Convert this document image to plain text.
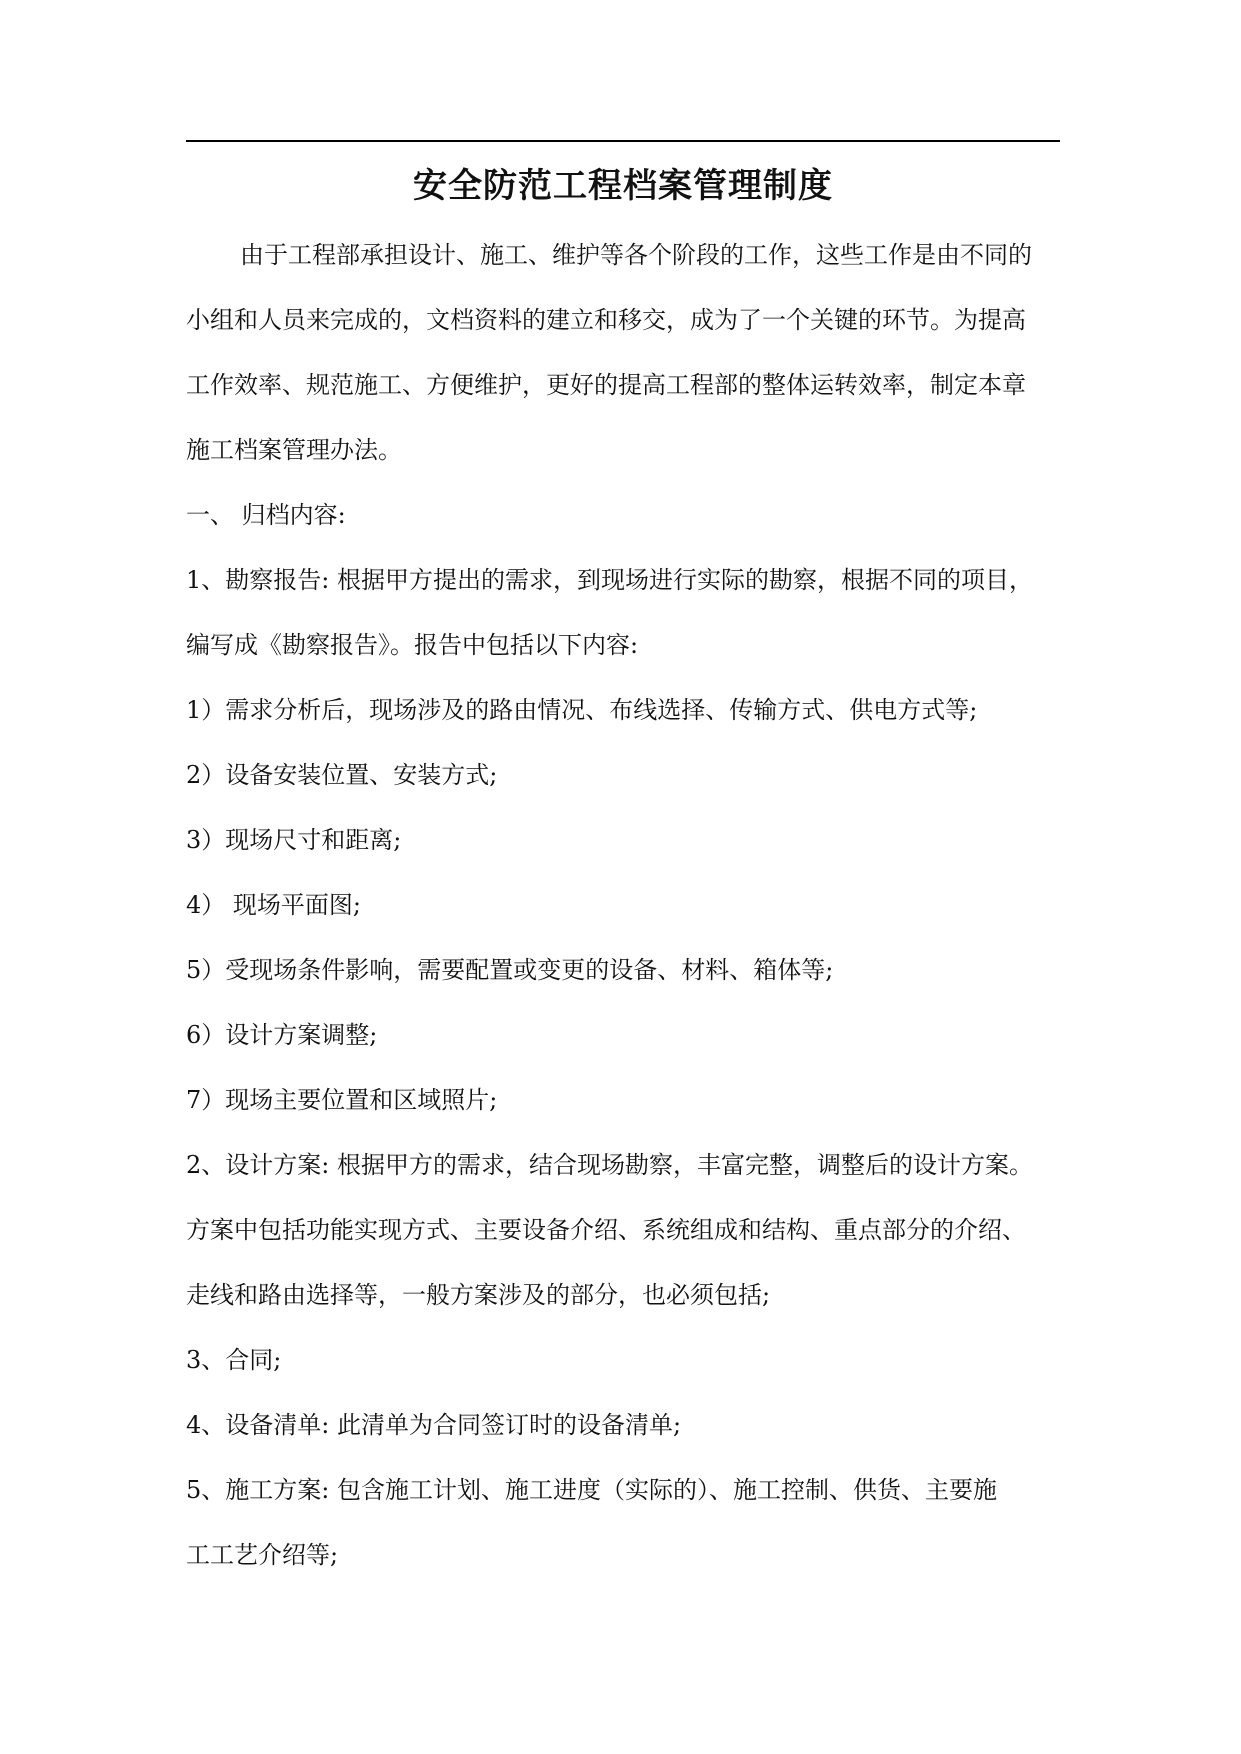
安全防范工程档案管理制度
由于工程部承担设计、施工、维护等各个阶段的工作，这些工作是由不同的
小组和人员来完成的，文档资料的建立和移交，成为了一个关键的环节。为提高
工作效率、规范施工、方便维护，更好的提高工程部的整体运转效率，制定本章
施工档案管理办法。
一、 归档内容:
1、勘察报告: 根据甲方提出的需求，到现场进行实际的勘察，根据不同的项目，
编写成《勘察报告》。报告中包括以下内容:
1）需求分析后，现场涉及的路由情况、布线选择、传输方式、供电方式等;
2）设备安装位置、安装方式;
3）现场尺寸和距离;
4） 现场平面图;
5）受现场条件影响，需要配置或变更的设备、材料、箱体等;
6）设计方案调整;
7）现场主要位置和区域照片;
2、设计方案: 根据甲方的需求，结合现场勘察，丰富完整，调整后的设计方案。
方案中包括功能实现方式、主要设备介绍、系统组成和结构、重点部分的介绍、
走线和路由选择等，一般方案涉及的部分，也必须包括;
3、合同;
4、设备清单: 此清单为合同签订时的设备清单;
5、施工方案: 包含施工计划、施工进度（实际的）、施工控制、供货、主要施
工工艺介绍等;
